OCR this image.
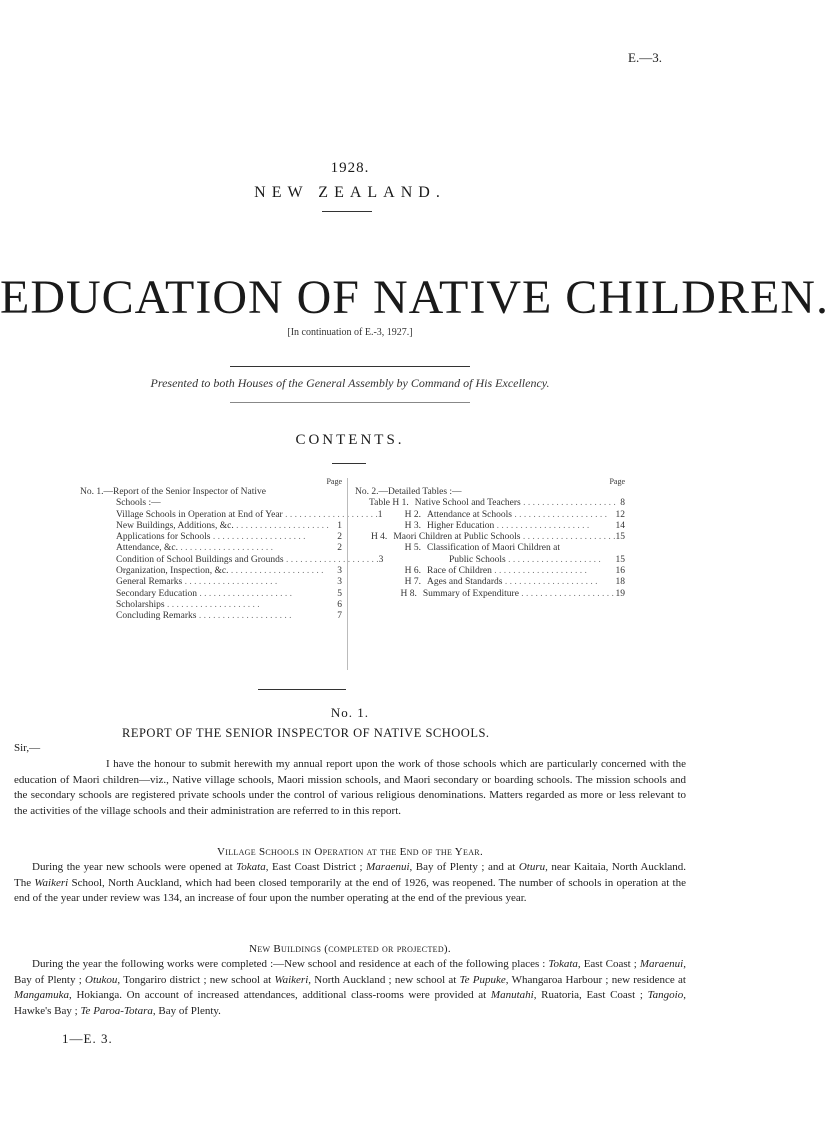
E.—3.
1928.
NEW ZEALAND.
EDUCATION OF NATIVE CHILDREN.
[In continuation of E.-3, 1927.]
Presented to both Houses of the General Assembly by Command of His Excellency.
CONTENTS.
Page
No. 1.—Report of the Senior Inspector of Native
Schools :—
Village Schools in Operation at End of Year . .	1
New Buildings, Additions, &c. . .	1
Applications for Schools . .	2
Attendance, &c. . .	2
Condition of School Buildings and Grounds . .	3
Organization, Inspection, &c. . .	3
General Remarks . .	3
Secondary Education . .	5
Scholarships . .	6
Concluding Remarks . .	7
Page
No. 2.—Detailed Tables :—
Table H 1. Native School and Teachers . .	8
H 2. Attendance at Schools . .	12
H 3. Higher Education . .	14
H 4. Maori Children at Public Schools . .	15
H 5. Classification of Maori Children at
Public Schools . .	15
H 6. Race of Children . .	16
H 7. Ages and Standards . .	18
H 8. Summary of Expenditure . .	19
No. 1.
REPORT OF THE SENIOR INSPECTOR OF NATIVE SCHOOLS.
Sir,—
I have the honour to submit herewith my annual report upon the work of those schools which are particularly concerned with the education of Maori children—viz., Native village schools, Maori mission schools, and Maori secondary or boarding schools. The mission schools and the secondary schools are registered private schools under the control of various religious denominations. Matters regarded as more or less relevant to the activities of the village schools and their administration are referred to in this report.
Village Schools in Operation at the End of the Year.
During the year new schools were opened at Tokata, East Coast District ; Maraenui, Bay of Plenty ; and at Oturu, near Kaitaia, North Auckland. The Waikeri School, North Auckland, which had been closed temporarily at the end of 1926, was reopened. The number of schools in operation at the end of the year under review was 134, an increase of four upon the number operating at the end of the previous year.
New Buildings (completed or projected).
During the year the following works were completed :—New school and residence at each of the following places : Tokata, East Coast ; Maraenui, Bay of Plenty ; Otukou, Tongariro district ; new school at Waikeri, North Auckland ; new school at Te Pupuke, Whangaroa Harbour ; new residence at Mangamuka, Hokianga. On account of increased attendances, additional class-rooms were provided at Manutahi, Ruatoria, East Coast ; Tangoio, Hawke's Bay ; Te Paroa-Totara, Bay of Plenty.
1—E. 3.
